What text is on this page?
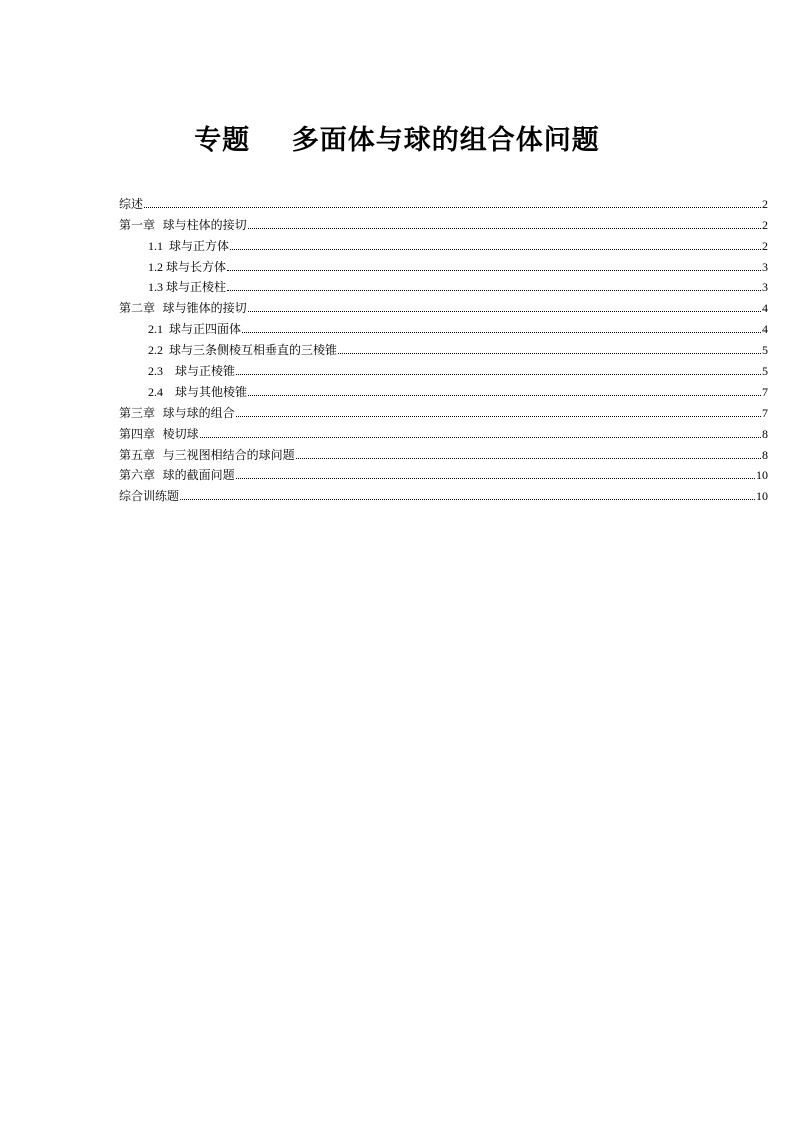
专题    多面体与球的组合体问题
综述	2
第一章  球与柱体的接切	2
1.1  球与正方体	2
1.2 球与长方体	3
1.3 球与正棱柱	3
第二章  球与锥体的接切	4
2.1  球与正四面体	4
2.2  球与三条侧棱互相垂直的三棱锥	5
2.3    球与正棱锥	5
2.4    球与其他棱锥	7
第三章  球与球的组合	7
第四章  棱切球	8
第五章  与三视图相结合的球问题	8
第六章  球的截面问题	10
综合训练题	10
